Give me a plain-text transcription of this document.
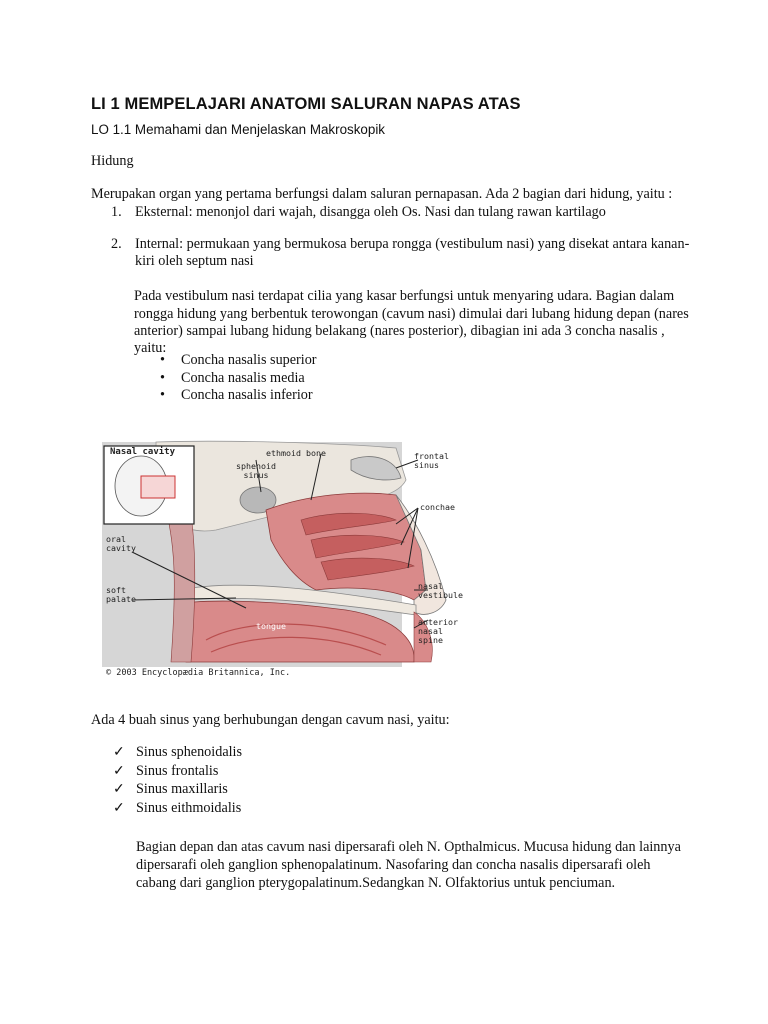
LI 1 MEMPELAJARI ANATOMI SALURAN NAPAS ATAS
LO 1.1 Memahami dan Menjelaskan Makroskopik
Hidung
Merupakan organ yang pertama berfungsi dalam saluran pernapasan. Ada 2 bagian dari hidung, yaitu :
1. Eksternal: menonjol dari wajah, disangga oleh Os. Nasi dan tulang rawan kartilago
2. Internal: permukaan yang bermukosa berupa rongga (vestibulum nasi) yang disekat antara kanan-
kiri oleh septum nasi
Pada vestibulum nasi terdapat cilia yang kasar berfungsi untuk menyaring udara. Bagian dalam
rongga hidung yang berbentuk terowongan (cavum nasi) dimulai dari lubang hidung depan (nares
anterior) sampai lubang hidung belakang (nares posterior), dibagian ini ada 3 concha nasalis ,
yaitu:
• Concha nasalis superior
• Concha nasalis media
• Concha nasalis inferior
Nasal cavity	ethmoid bone
sphenoid
sinus
frontal
sinus
conchae
oral
cavity
soft
palate
nasal
vestibule
anterior
nasal
spine
tongue
© 2003 Encyclopædia Britannica, Inc.
Ada 4 buah sinus yang berhubungan dengan cavum nasi, yaitu:
✓ Sinus sphenoidalis
✓ Sinus frontalis
✓ Sinus maxillaris
✓ Sinus eithmoidalis
Bagian depan dan atas cavum nasi dipersarafi oleh N. Opthalmicus. Mucusa hidung dan lainnya
dipersarafi oleh ganglion sphenopalatinum. Nasofaring dan concha nasalis dipersarafi oleh
cabang dari ganglion pterygopalatinum.Sedangkan N. Olfaktorius untuk penciuman.
